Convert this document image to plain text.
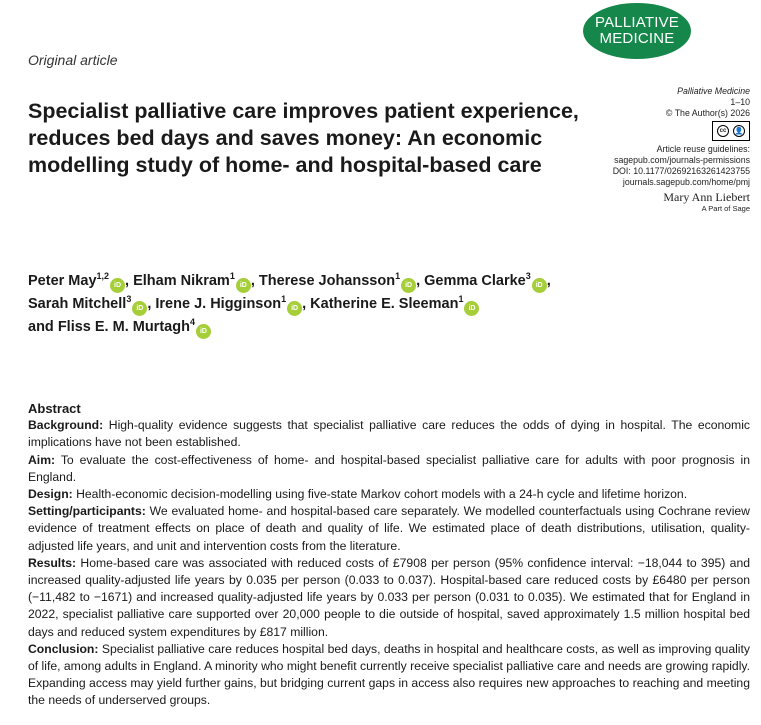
PALLIATIVE
MEDICINE
Original article
Specialist palliative care improves patient experience, reduces bed days and saves money: An economic modelling study of home- and hospital-based care
Palliative Medicine
1–10
© The Author(s) 2026
cc	👤
Article reuse guidelines:
sagepub.com/journals-permissions
DOI: 10.1177/02692163261423755
journals.sagepub.com/home/pmj
Mary Ann Liebert
A Part of Sage
Peter May$^{1,2}$iD , Elham Nikram$^1$iD , Therese Johansson$^1$iD , Gemma Clarke$^3$iD ,
Sarah Mitchell$^3$iD , Irene J. Higginson$^1$iD , Katherine E. Sleeman$^1$iD
and Fliss E. M. Murtagh$^4$iD
Abstract

Background: High-quality evidence suggests that specialist palliative care reduces the odds of dying in hospital. The economic implications have not been established.

Aim: To evaluate the cost-effectiveness of home- and hospital-based specialist palliative care for adults with poor prognosis in England.

Design: Health-economic decision-modelling using five-state Markov cohort models with a 24-h cycle and lifetime horizon.

Setting/participants: We evaluated home- and hospital-based care separately. We modelled counterfactuals using Cochrane review evidence of treatment effects on place of death and quality of life. We estimated place of death distributions, utilisation, quality-adjusted life years, and unit and intervention costs from the literature.

Results: Home-based care was associated with reduced costs of £7908 per person (95% confidence interval: −18,044 to 395) and increased quality-adjusted life years by 0.035 per person (0.033 to 0.037). Hospital-based care reduced costs by £6480 per person (−11,482 to −1671) and increased quality-adjusted life years by 0.033 per person (0.031 to 0.035). We estimated that for England in 2022, specialist palliative care supported over 20,000 people to die outside of hospital, saved approximately 1.5 million hospital bed days and reduced system expenditures by £817 million.

Conclusion: Specialist palliative care reduces hospital bed days, deaths in hospital and healthcare costs, as well as improving quality of life, among adults in England. A minority who might benefit currently receive specialist palliative care and needs are growing rapidly. Expanding access may yield further gains, but bridging current gaps in access also requires new approaches to reaching and meeting the needs of underserved groups.
